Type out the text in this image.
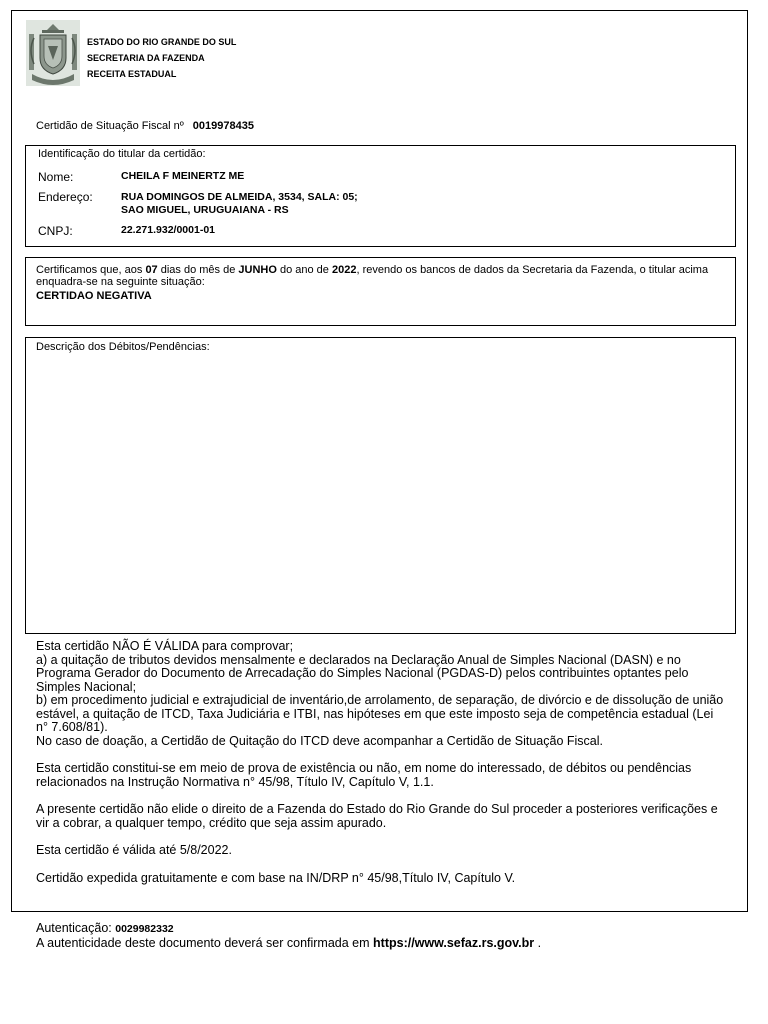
ESTADO DO RIO GRANDE DO SUL
SECRETARIA DA FAZENDA
RECEITA ESTADUAL
Certidão de Situação Fiscal nº 0019978435
Identificação do titular da certidão:
Nome:	CHEILA F MEINERTZ ME
Endereço:	RUA DOMINGOS DE ALMEIDA, 3534, SALA: 05;
SAO MIGUEL, URUGUAIANA - RS
CNPJ:	22.271.932/0001-01
Certificamos que, aos 07 dias do mês de JUNHO do ano de 2022, revendo os bancos de dados da Secretaria da Fazenda, o titular acima enquadra-se na seguinte situação:
CERTIDAO NEGATIVA
Descrição dos Débitos/Pendências:

Esta certidão NÃO É VÁLIDA para comprovar;

a) a quitação de tributos devidos mensalmente e declarados na Declaração Anual de Simples Nacional (DASN) e no Programa Gerador do Documento de Arrecadação do Simples Nacional (PGDAS-D) pelos contribuintes optantes pelo Simples Nacional;

b) em procedimento judicial e extrajudicial de inventário,de arrolamento, de separação, de divórcio e de dissolução de união estável, a quitação de ITCD, Taxa Judiciária e ITBI, nas hipóteses em que este imposto seja de competência estadual (Lei n° 7.608/81).

No caso de doação, a Certidão de Quitação do ITCD deve acompanhar a Certidão de Situação Fiscal.

Esta certidão constitui-se em meio de prova de existência ou não, em nome do interessado, de débitos ou pendências relacionados na Instrução Normativa n° 45/98, Título IV, Capítulo V, 1.1.

A presente certidão não elide o direito de a Fazenda do Estado do Rio Grande do Sul proceder a posteriores verificações e vir a cobrar, a qualquer tempo, crédito que seja assim apurado.

Esta certidão é válida até 5/8/2022.

Certidão expedida gratuitamente e com base na IN/DRP n° 45/98,Título IV, Capítulo V.

Autenticação: 0029982332
A autenticidade deste documento deverá ser confirmada em https://www.sefaz.rs.gov.br .
